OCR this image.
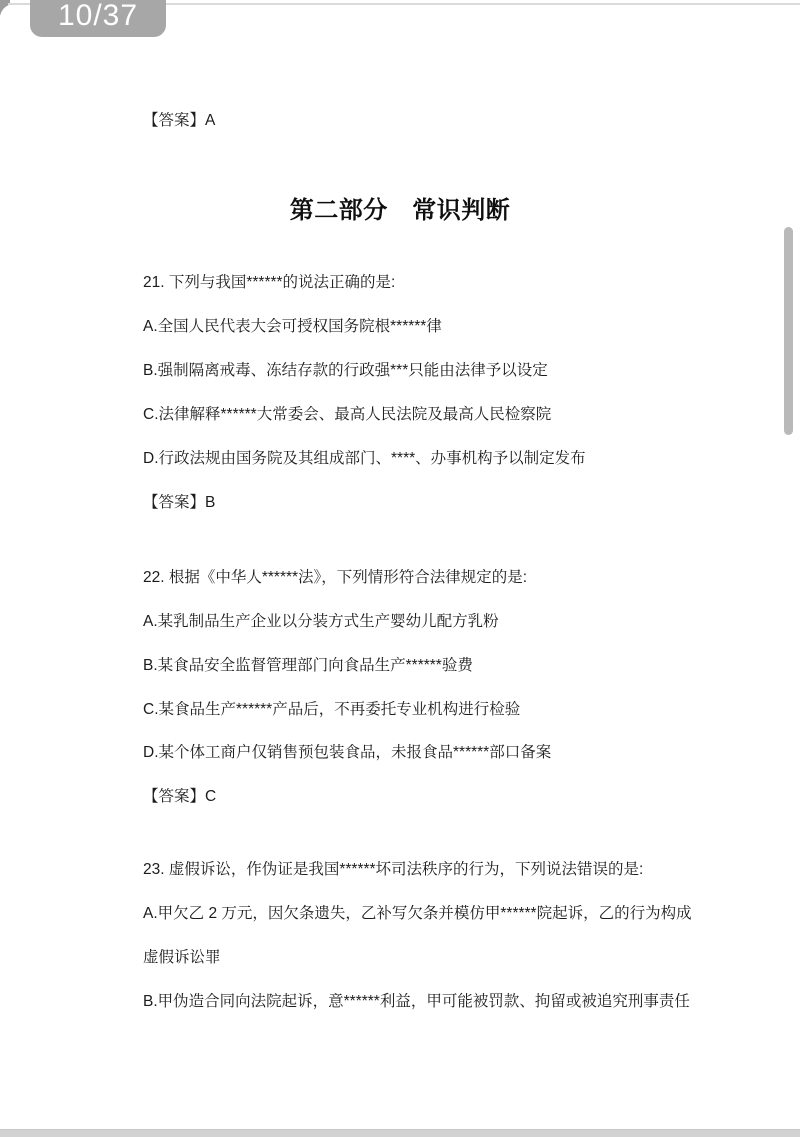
10/37
【答案】A
第二部分　常识判断
21. 下列与我国******的说法正确的是:
A.全国人民代表大会可授权国务院根******律
B.强制隔离戒毒、冻结存款的行政强***只能由法律予以设定
C.法律解释******大常委会、最高人民法院及最高人民检察院
D.行政法规由国务院及其组成部门、****、办事机构予以制定发布
【答案】B
22. 根据《中华人******法》，下列情形符合法律规定的是:
A.某乳制品生产企业以分装方式生产婴幼儿配方乳粉
B.某食品安全监督管理部门向食品生产******验费
C.某食品生产******产品后，不再委托专业机构进行检验
D.某个体工商户仅销售预包装食品，未报食品******部口备案
【答案】C
23. 虚假诉讼，作伪证是我国******坏司法秩序的行为，下列说法错误的是:
A.甲欠乙 2 万元，因欠条遗失，乙补写欠条并模仿甲******院起诉，乙的行为构成虚假诉讼罪
B.甲伪造合同向法院起诉，意******利益，甲可能被罚款、拘留或被追究刑事责任
